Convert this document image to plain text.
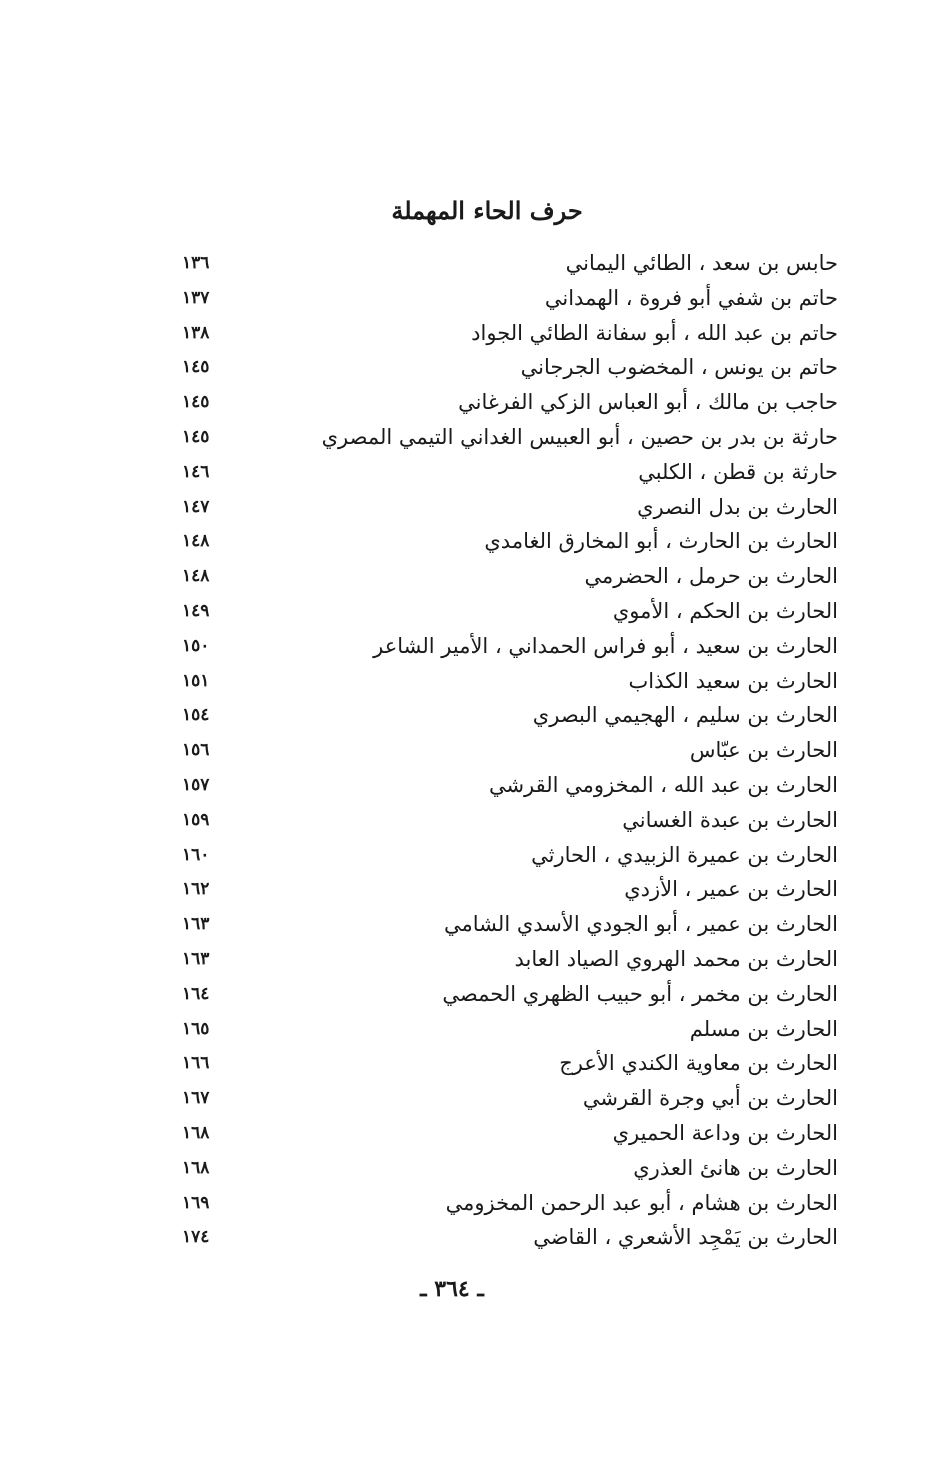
حرف الحاء المهملة
حابس بن سعد ، الطائي اليماني
١٣٦
حاتم بن شفي أبو فروة ، الهمداني
١٣٧
حاتم بن عبد الله ، أبو سفانة الطائي الجواد
١٣٨
حاتم بن يونس ، المخضوب الجرجاني
١٤٥
حاجب بن مالك ، أبو العباس الزكي الفرغاني
١٤٥
حارثة بن بدر بن حصين ، أبو العبيس الغداني التيمي المصري
١٤٥
حارثة بن قطن ، الكلبي
١٤٦
الحارث بن بدل النصري
١٤٧
الحارث بن الحارث ، أبو المخارق الغامدي
١٤٨
الحارث بن حرمل ، الحضرمي
١٤٨
الحارث بن الحكم ، الأموي
١٤٩
الحارث بن سعيد ، أبو فراس الحمداني ، الأمير الشاعر
١٥٠
الحارث بن سعيد الكذاب
١٥١
الحارث بن سليم ، الهجيمي البصري
١٥٤
الحارث بن عبّاس
١٥٦
الحارث بن عبد الله ، المخزومي القرشي
١٥٧
الحارث بن عبدة الغساني
١٥٩
الحارث بن عميرة الزبيدي ، الحارثي
١٦٠
الحارث بن عمير ، الأزدي
١٦٢
الحارث بن عمير ، أبو الجودي الأسدي الشامي
١٦٣
الحارث بن محمد الهروي الصياد العابد
١٦٣
الحارث بن مخمر ، أبو حبيب الظهري الحمصي
١٦٤
الحارث بن مسلم
١٦٥
الحارث بن معاوية الكندي الأعرج
١٦٦
الحارث بن أبي وجرة القرشي
١٦٧
الحارث بن وداعة الحميري
١٦٨
الحارث بن هانئ العذري
١٦٨
الحارث بن هشام ، أبو عبد الرحمن المخزومي
١٦٩
الحارث بن يَمْجِد الأشعري ، القاضي
١٧٤
ـ ٣٦٤ ـ
